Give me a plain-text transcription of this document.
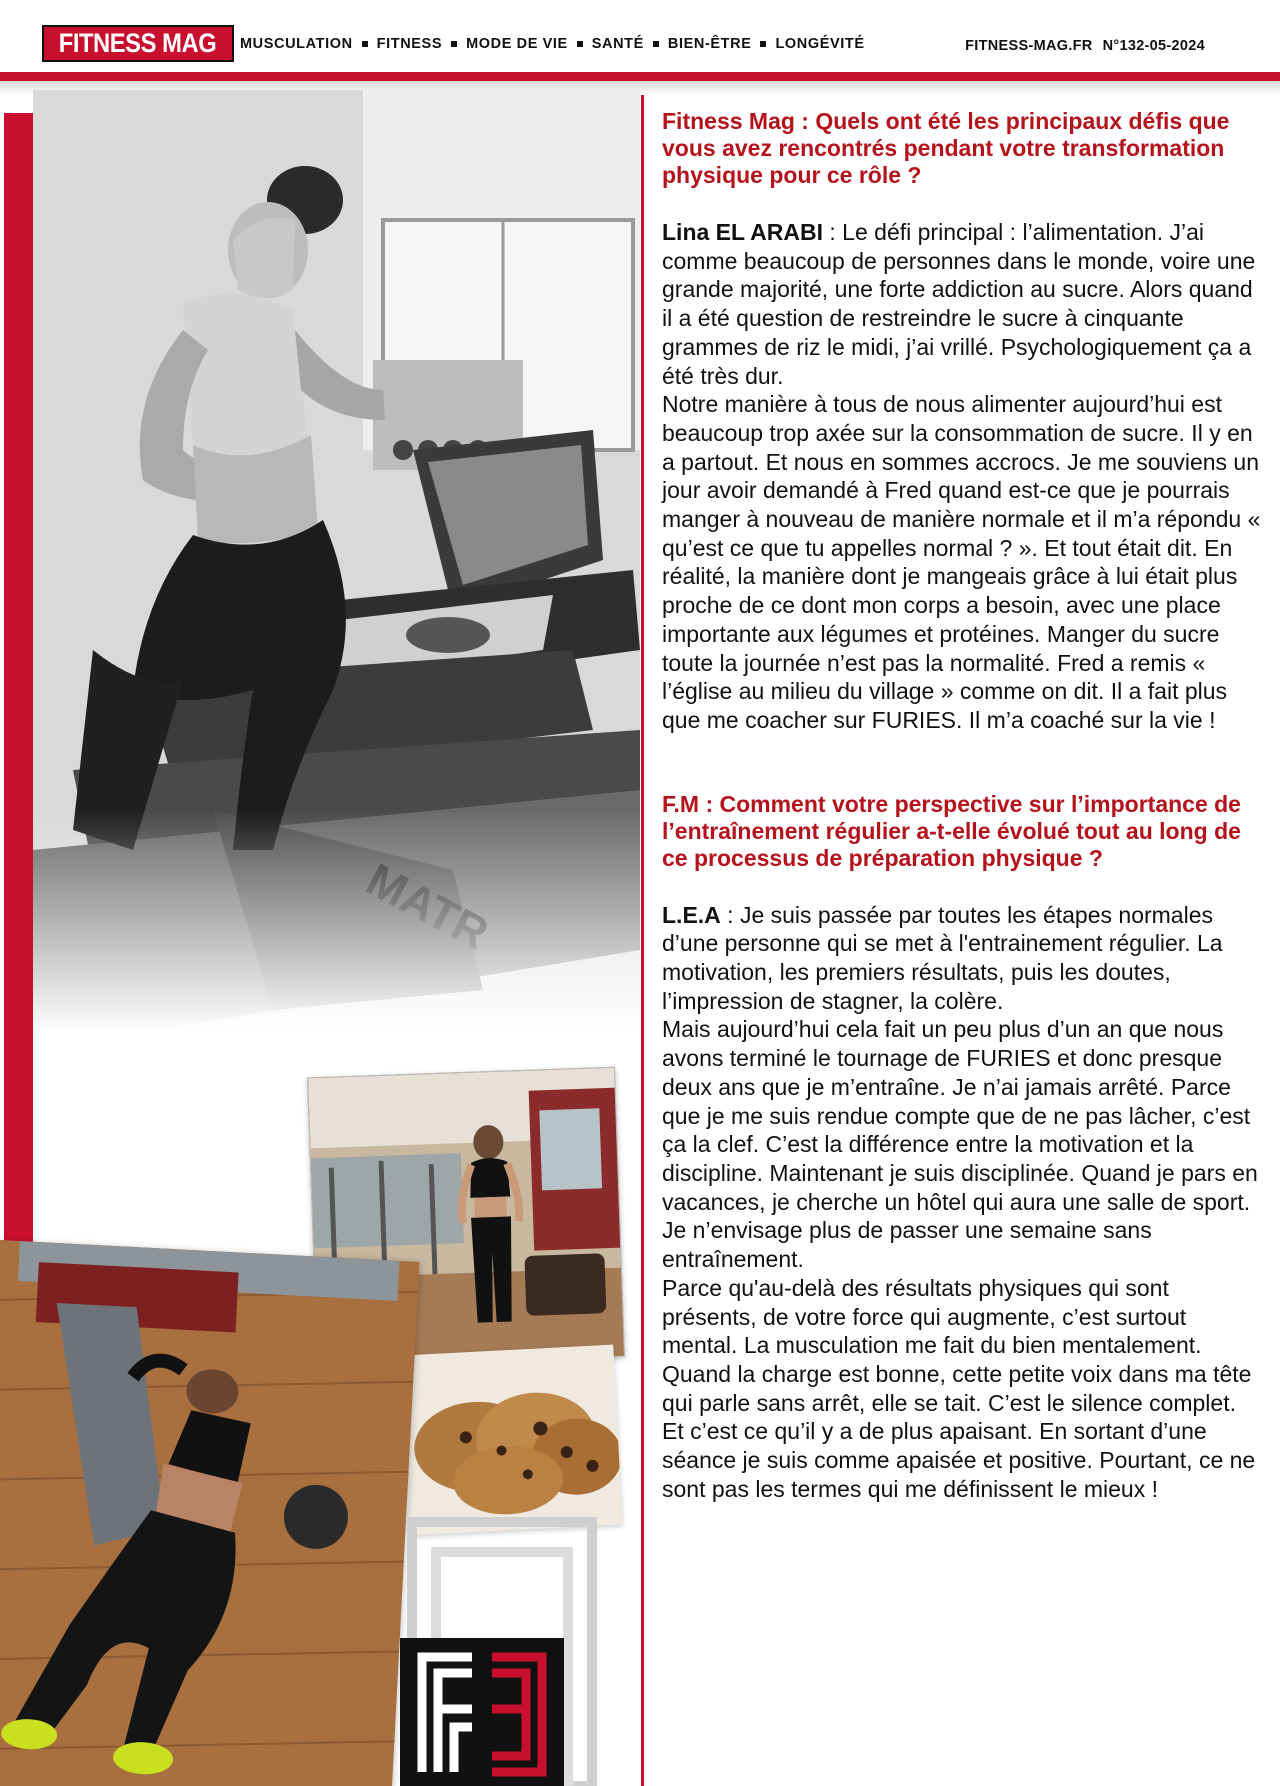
FITNESS MAG MUSCULATION FITNESS MODE DE VIE SANTÉ BIEN-ÊTRE LONGÉVITÉ	FITNESS-MAG.FR N°132-05-2024
Fitness Mag : Quels ont été les principaux défis que vous avez rencontrés pendant votre transformation physique pour ce rôle ?

Lina EL ARABI : Le défi principal : l’alimentation. J’ai comme beaucoup de personnes dans le monde, voire une grande majorité, une forte addiction au sucre. Alors quand il a été question de restreindre le sucre à cinquante grammes de riz le midi, j’ai vrillé. Psychologiquement ça a été très dur.

Notre manière à tous de nous alimenter aujourd’hui est beaucoup trop axée sur la consommation de sucre. Il y en a partout. Et nous en sommes accrocs. Je me souviens un jour avoir demandé à Fred quand est-ce que je pourrais manger à nouveau de manière normale et il m’a répondu « qu’est ce que tu appelles normal ? ». Et tout était dit. En réalité, la manière dont je mangeais grâce à lui était plus proche de ce dont mon corps a besoin, avec une place importante aux légumes et protéines. Manger du sucre toute la journée n’est pas la normalité. Fred a remis « l’église au milieu du village » comme on dit. Il a fait plus que me coacher sur FURIES. Il m’a coaché sur la vie !

F.M : Comment votre perspective sur l’importance de l’entraînement régulier a-t-elle évolué tout au long de ce processus de préparation physique ?

L.E.A : Je suis passée par toutes les étapes normales d’une personne qui se met à l'entrainement régulier. La motivation, les premiers résultats, puis les doutes, l’impression de stagner, la colère.

Mais aujourd’hui cela fait un peu plus d’un an que nous avons terminé le tournage de FURIES et donc presque deux ans que je m’entraîne. Je n’ai jamais arrêté. Parce que je me suis rendue compte que de ne pas lâcher, c’est ça la clef. C’est la différence entre la motivation et la discipline. Maintenant je suis disciplinée. Quand je pars en vacances, je cherche un hôtel qui aura une salle de sport. Je n’envisage plus de passer une semaine sans entraînement.

Parce qu'au-delà des résultats physiques qui sont présents, de votre force qui augmente, c’est surtout mental. La musculation me fait du bien mentalement. Quand la charge est bonne, cette petite voix dans ma tête qui parle sans arrêt, elle se tait. C’est le silence complet. Et c’est ce qu’il y a de plus apaisant. En sortant d’une séance je suis comme apaisée et positive. Pourtant, ce ne sont pas les termes qui me définissent le mieux !
